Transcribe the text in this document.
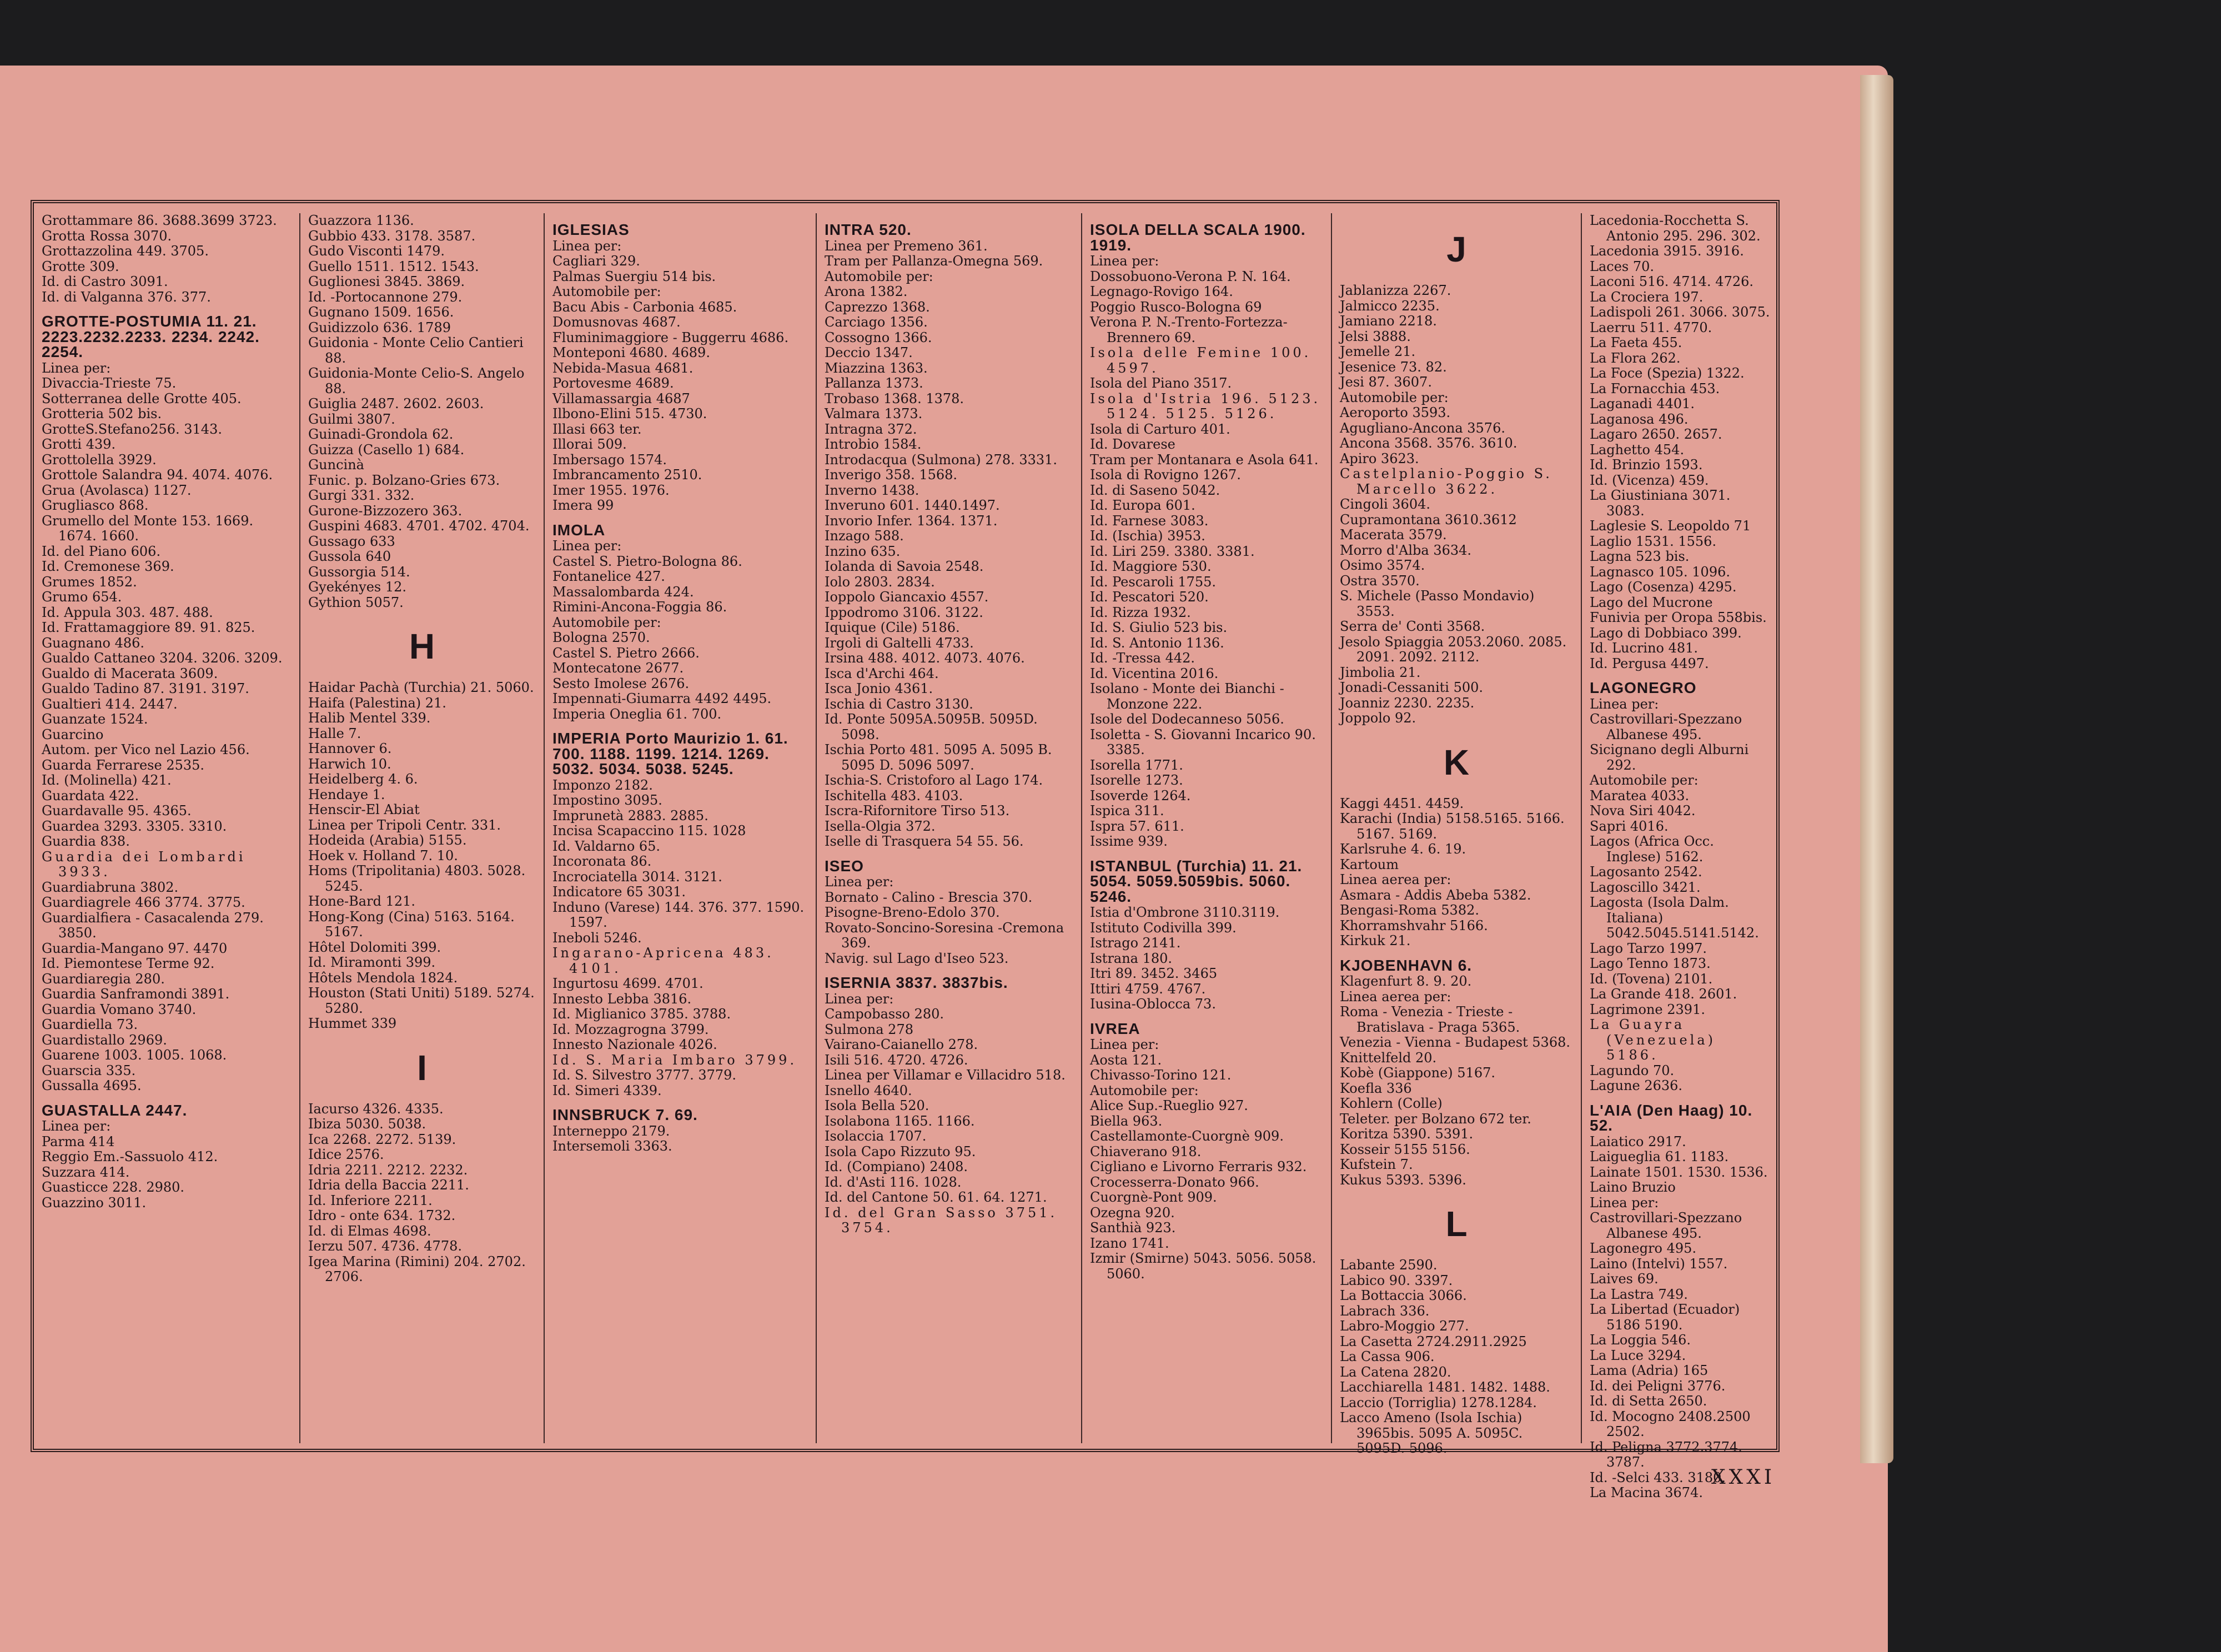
Grottammare 86. 3688.3699 3723.
Grotta Rossa 3070.
Grottazzolina 449. 3705.
Grotte 309.
Id. di Castro 3091.
Id. di Valganna 376. 377.
GROTTE-POSTUMIA 11. 21. 2223.2232.2233. 2234. 2242. 2254.
Linea per:
Divaccia-Trieste 75.
Sotterranea delle Grotte 405.
Grotteria 502 bis.
GrotteS.Stefano256. 3143.
Grotti 439.
Grottolella 3929.
Grottole Salandra 94. 4074. 4076.
Grua (Avolasca) 1127.
Grugliasco 868.
Grumello del Monte 153. 1669. 1674. 1660.
Id. del Piano 606.
Id. Cremonese 369.
Grumes 1852.
Grumo 654.
Id. Appula 303. 487. 488.
Id. Frattamaggiore 89. 91. 825.
Guagnano 486.
Gualdo Cattaneo 3204. 3206. 3209.
Gualdo di Macerata 3609.
Gualdo Tadino 87. 3191. 3197.
Gualtieri 414. 2447.
Guanzate 1524.
Guarcino
Autom. per Vico nel Lazio 456.
Guarda Ferrarese 2535.
Id. (Molinella) 421.
Guardata 422.
Guardavalle 95. 4365.
Guardea 3293. 3305. 3310.
Guardia 838.
Guardia dei Lombardi 3933.
Guardiabruna 3802.
Guardiagrele 466 3774. 3775.
Guardialfiera - Casacalenda 279. 3850.
Guardia-Mangano 97. 4470
Id. Piemontese Terme 92.
Guardiaregia 280.
Guardia Sanframondi 3891.
Guardia Vomano 3740.
Guardiella 73.
Guardistallo 2969.
Guarene 1003. 1005. 1068.
Guarscia 335.
Gussalla 4695.
GUASTALLA 2447.
Linea per:
Parma 414
Reggio Em.-Sassuolo 412.
Suzzara 414.
Guasticce 228. 2980.
Guazzino 3011.
Guazzora 1136.
Gubbio 433. 3178. 3587.
Gudo Visconti 1479.
Guello 1511. 1512. 1543.
Guglionesi 3845. 3869.
Id. -Portocannone 279.
Gugnano 1509. 1656.
Guidizzolo 636. 1789
Guidonia - Monte Celio Cantieri 88.
Guidonia-Monte Celio-S. Angelo 88.
Guiglia 2487. 2602. 2603.
Guilmi 3807.
Guinadi-Grondola 62.
Guizza (Casello 1) 684.
Guncinà
Funic. p. Bolzano-Gries 673.
Gurgi 331. 332.
Gurone-Bizzozero 363.
Guspini 4683. 4701. 4702. 4704.
Gussago 633
Gussola 640
Gussorgia 514.
Gyekényes 12.
Gythion 5057.
H
Haidar Pachà (Turchia) 21. 5060.
Haifa (Palestina) 21.
Halib Mentel 339.
Halle 7.
Hannover 6.
Harwich 10.
Heidelberg 4. 6.
Hendaye 1.
Henscir-El Abiat
Linea per Tripoli Centr. 331.
Hodeida (Arabia) 5155.
Hoek v. Holland 7. 10.
Homs (Tripolitania) 4803. 5028. 5245.
Hone-Bard 121.
Hong-Kong (Cina) 5163. 5164. 5167.
Hôtel Dolomiti 399.
Id. Miramonti 399.
Hôtels Mendola 1824.
Houston (Stati Uniti) 5189. 5274. 5280.
Hummet 339
I
Iacurso 4326. 4335.
Ibiza 5030. 5038.
Ica 2268. 2272. 5139.
Idice 2576.
Idria 2211. 2212. 2232.
Idria della Baccia 2211.
Id. Inferiore 2211.
Idro - onte 634. 1732.
Id. di Elmas 4698.
Ierzu 507. 4736. 4778.
Igea Marina (Rimini) 204. 2702. 2706.
IGLESIAS
Linea per:
Cagliari 329.
Palmas Suergiu 514 bis.
Automobile per:
Bacu Abis - Carbonia 4685.
Domusnovas 4687.
Fluminimaggiore - Buggerru 4686.
Monteponi 4680. 4689.
Nebida-Masua 4681.
Portovesme 4689.
Villamassargia 4687
Ilbono-Elini 515. 4730.
Illasi 663 ter.
Illorai 509.
Imbersago 1574.
Imbrancamento 2510.
Imer 1955. 1976.
Imera 99
IMOLA
Linea per:
Castel S. Pietro-Bologna 86.
Fontanelice 427.
Massalombarda 424.
Rimini-Ancona-Foggia 86.
Automobile per:
Bologna 2570.
Castel S. Pietro 2666.
Montecatone 2677.
Sesto Imolese 2676.
Impennati-Giumarra 4492 4495.
Imperia Oneglia 61. 700.
IMPERIA Porto Maurizio 1. 61. 700. 1188. 1199. 1214. 1269. 5032. 5034. 5038. 5245.
Imponzo 2182.
Impostino 3095.
Imprunetà 2883. 2885.
Incisa Scapaccino 115. 1028
Id. Valdarno 65.
Incoronata 86.
Incrociatella 3014. 3121.
Indicatore 65 3031.
Induno (Varese) 144. 376. 377. 1590. 1597.
Ineboli 5246.
Ingarano-Apricena 483. 4101.
Ingurtosu 4699. 4701.
Innesto Lebba 3816.
Id. Miglianico 3785. 3788.
Id. Mozzagrogna 3799.
Innesto Nazionale 4026.
Id. S. Maria Imbaro 3799.
Id. S. Silvestro 3777. 3779.
Id. Simeri 4339.
INNSBRUCK 7. 69.
Interneppo 2179.
Intersemoli 3363.
INTRA 520.
Linea per Premeno 361.
Tram per Pallanza-Omegna 569.
Automobile per:
Arona 1382.
Caprezzo 1368.
Carciago 1356.
Cossogno 1366.
Deccio 1347.
Miazzina 1363.
Pallanza 1373.
Trobaso 1368. 1378.
Valmara 1373.
Intragna 372.
Introbio 1584.
Introdacqua (Sulmona) 278. 3331.
Inverigo 358. 1568.
Inverno 1438.
Inveruno 601. 1440.1497.
Invorio Infer. 1364. 1371.
Inzago 588.
Inzino 635.
Iolanda di Savoia 2548.
Iolo 2803. 2834.
Ioppolo Giancaxio 4557.
Ippodromo 3106. 3122.
Iquique (Cile) 5186.
Irgoli di Galtelli 4733.
Irsina 488. 4012. 4073. 4076.
Isca d'Archi 464.
Isca Jonio 4361.
Ischia di Castro 3130.
Id. Ponte 5095A.5095B. 5095D. 5098.
Ischia Porto 481. 5095 A. 5095 B. 5095 D. 5096 5097.
Ischia-S. Cristoforo al Lago 174.
Ischitella 483. 4103.
Iscra-Rifornitore Tirso 513.
Isella-Olgia 372.
Iselle di Trasquera 54 55. 56.
ISEO
Linea per:
Bornato - Calino - Brescia 370.
Pisogne-Breno-Edolo 370.
Rovato-Soncino-Soresina -Cremona 369.
Navig. sul Lago d'Iseo 523.
ISERNIA 3837. 3837bis.
Linea per:
Campobasso 280.
Sulmona 278
Vairano-Caianello 278.
Isili 516. 4720. 4726.
Linea per Villamar e Villacidro 518.
Isnello 4640.
Isola Bella 520.
Isolabona 1165. 1166.
Isolaccia 1707.
Isola Capo Rizzuto 95.
Id. (Compiano) 2408.
Id. d'Asti 116. 1028.
Id. del Cantone 50. 61. 64. 1271.
Id. del Gran Sasso 3751. 3754.
ISOLA DELLA SCALA 1900. 1919.
Linea per:
Dossobuono-Verona P. N. 164.
Legnago-Rovigo 164.
Poggio Rusco-Bologna 69
Verona P. N.-Trento-Fortezza-Brennero 69.
Isola delle Femine 100. 4597.
Isola del Piano 3517.
Isola d'Istria 196. 5123. 5124. 5125. 5126.
Isola di Carturo 401.
Id. Dovarese
Tram per Montanara e Asola 641.
Isola di Rovigno 1267.
Id. di Saseno 5042.
Id. Europa 601.
Id. Farnese 3083.
Id. (Ischia) 3953.
Id. Liri 259. 3380. 3381.
Id. Maggiore 530.
Id. Pescaroli 1755.
Id. Pescatori 520.
Id. Rizza 1932.
Id. S. Giulio 523 bis.
Id. S. Antonio 1136.
Id. -Tressa 442.
Id. Vicentina 2016.
Isolano - Monte dei Bianchi - Monzone 222.
Isole del Dodecanneso 5056.
Isoletta - S. Giovanni Incarico 90. 3385.
Isorella 1771.
Isorelle 1273.
Isoverde 1264.
Ispica 311.
Ispra 57. 611.
Issime 939.
ISTANBUL (Turchia) 11. 21. 5054. 5059.5059bis. 5060. 5246.
Istia d'Ombrone 3110.3119.
Istituto Codivilla 399.
Istrago 2141.
Istrana 180.
Itri 89. 3452. 3465
Ittiri 4759. 4767.
Iusina-Oblocca 73.
IVREA
Linea per:
Aosta 121.
Chivasso-Torino 121.
Automobile per:
Alice Sup.-Rueglio 927.
Biella 963.
Castellamonte-Cuorgnè 909.
Chiaverano 918.
Cigliano e Livorno Ferraris 932.
Crocesserra-Donato 966.
Cuorgnè-Pont 909.
Ozegna 920.
Santhià 923.
Izano 1741.
Izmir (Smirne) 5043. 5056. 5058. 5060.
J
Jablanizza 2267.
Jalmicco 2235.
Jamiano 2218.
Jelsi 3888.
Jemelle 21.
Jesenice 73. 82.
Jesi 87. 3607.
Automobile per:
Aeroporto 3593.
Agugliano-Ancona 3576.
Ancona 3568. 3576. 3610.
Apiro 3623.
Castelplanio-Poggio S. Marcello 3622.
Cingoli 3604.
Cupramontana 3610.3612
Macerata 3579.
Morro d'Alba 3634.
Osimo 3574.
Ostra 3570.
S. Michele (Passo Mondavio) 3553.
Serra de' Conti 3568.
Jesolo Spiaggia 2053.2060. 2085. 2091. 2092. 2112.
Jimbolia 21.
Jonadi-Cessaniti 500.
Joanniz 2230. 2235.
Joppolo 92.
K
Kaggi 4451. 4459.
Karachi (India) 5158.5165. 5166. 5167. 5169.
Karlsruhe 4. 6. 19.
Kartoum
Linea aerea per:
Asmara - Addis Abeba 5382.
Bengasi-Roma 5382.
Khorramshvahr 5166.
Kirkuk 21.
KJOBENHAVN 6.
Klagenfurt 8. 9. 20.
Linea aerea per:
Roma - Venezia - Trieste - Bratislava - Praga 5365.
Venezia - Vienna - Budapest 5368.
Knittelfeld 20.
Kobè (Giappone) 5167.
Koefla 336
Kohlern (Colle)
Teleter. per Bolzano 672 ter.
Koritza 5390. 5391.
Kosseir 5155 5156.
Kufstein 7.
Kukus 5393. 5396.
L
Labante 2590.
Labico 90. 3397.
La Bottaccia 3066.
Labrach 336.
Labro-Moggio 277.
La Casetta 2724.2911.2925
La Cassa 906.
La Catena 2820.
Lacchiarella 1481. 1482. 1488.
Laccio (Torriglia) 1278.1284.
Lacco Ameno (Isola Ischia) 3965bis. 5095 A. 5095C. 5095D. 5096.
Lacedonia-Rocchetta S. Antonio 295. 296. 302.
Lacedonia 3915. 3916.
Laces 70.
Laconi 516. 4714. 4726.
La Crociera 197.
Ladispoli 261. 3066. 3075.
Laerru 511. 4770.
La Faeta 455.
La Flora 262.
La Foce (Spezia) 1322.
La Fornacchia 453.
Laganadi 4401.
Laganosa 496.
Lagaro 2650. 2657.
Laghetto 454.
Id. Brinzio 1593.
Id. (Vicenza) 459.
La Giustiniana 3071. 3083.
Laglesie S. Leopoldo 71
Laglio 1531. 1556.
Lagna 523 bis.
Lagnasco 105. 1096.
Lago (Cosenza) 4295.
Lago del Mucrone
Funivia per Oropa 558bis.
Lago di Dobbiaco 399.
Id. Lucrino 481.
Id. Pergusa 4497.
LAGONEGRO
Linea per:
Castrovillari-Spezzano Albanese 495.
Sicignano degli Alburni 292.
Automobile per:
Maratea 4033.
Nova Siri 4042.
Sapri 4016.
Lagos (Africa Occ. Inglese) 5162.
Lagosanto 2542.
Lagoscillo 3421.
Lagosta (Isola Dalm. Italiana) 5042.5045.5141.5142.
Lago Tarzo 1997.
Lago Tenno 1873.
Id. (Tovena) 2101.
La Grande 418. 2601.
Lagrimone 2391.
La Guayra (Venezuela) 5186.
Lagundo 70.
Lagune 2636.
L'AIA (Den Haag) 10. 52.
Laiatico 2917.
Laigueglia 61. 1183.
Lainate 1501. 1530. 1536.
Laino Bruzio
Linea per:
Castrovillari-Spezzano Albanese 495.
Lagonegro 495.
Laino (Intelvi) 1557.
Laives 69.
La Lastra 749.
La Libertad (Ecuador) 5186 5190.
La Loggia 546.
La Luce 3294.
Lama (Adria) 165
Id. dei Peligni 3776.
Id. di Setta 2650.
Id. Mocogno 2408.2500 2502.
Id. Peligna 3772.3774. 3787.
Id. -Selci 433. 3180.
La Macina 3674.
XXXI
